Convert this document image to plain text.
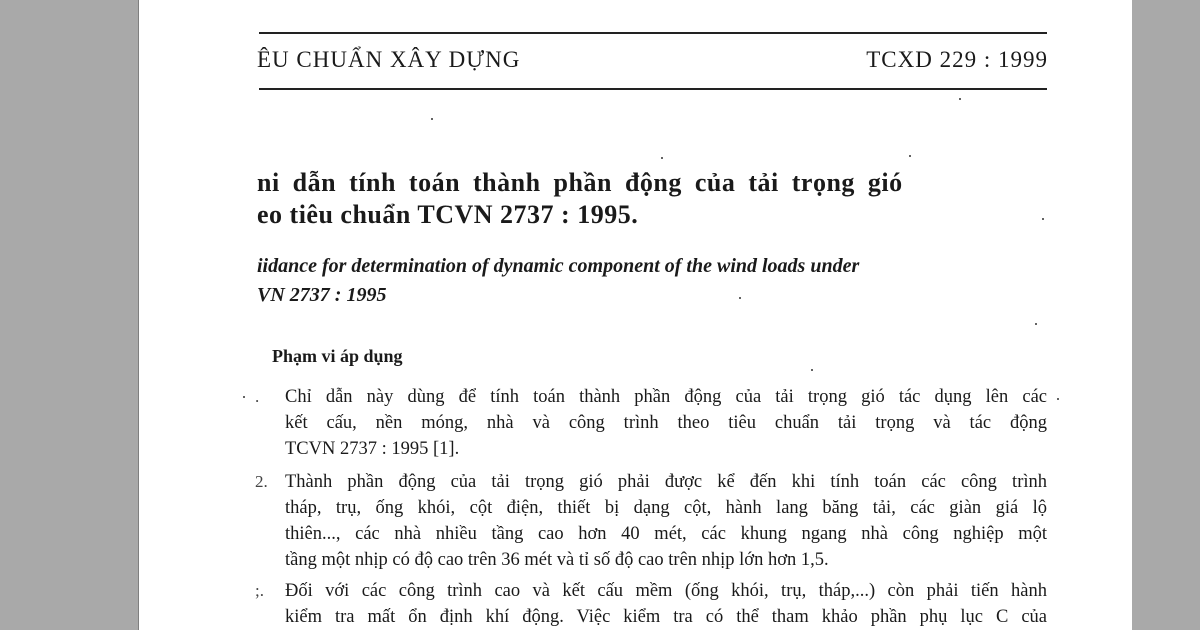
ÊU CHUẨN XÂY DỰNG	TCXD 229 : 1999
ni dẫn tính toán thành phần động của tải trọng gió
eo tiêu chuẩn TCVN 2737 : 1995.
iidance for determination of dynamic component of the wind loads under
VN 2737 : 1995
Phạm vi áp dụng
. Chỉ dẫn này dùng để tính toán thành phần động của tải trọng gió tác dụng lên các
kết cấu, nền móng, nhà và công trình theo tiêu chuẩn tải trọng và tác động
TCVN 2737 : 1995 [1].
2. Thành phần động của tải trọng gió phải được kể đến khi tính toán các công trình
tháp, trụ, ống khói, cột điện, thiết bị dạng cột, hành lang băng tải, các giàn giá lộ
thiên..., các nhà nhiều tầng cao hơn 40 mét, các khung ngang nhà công nghiệp một
tầng một nhịp có độ cao trên 36 mét và tỉ số độ cao trên nhịp lớn hơn 1,5.
;. Đối với các công trình cao và kết cấu mềm (ống khói, trụ, tháp,...) còn phải tiến hành
kiểm tra mất ổn định khí động. Việc kiểm tra có thể tham khảo phần phụ lục C của
